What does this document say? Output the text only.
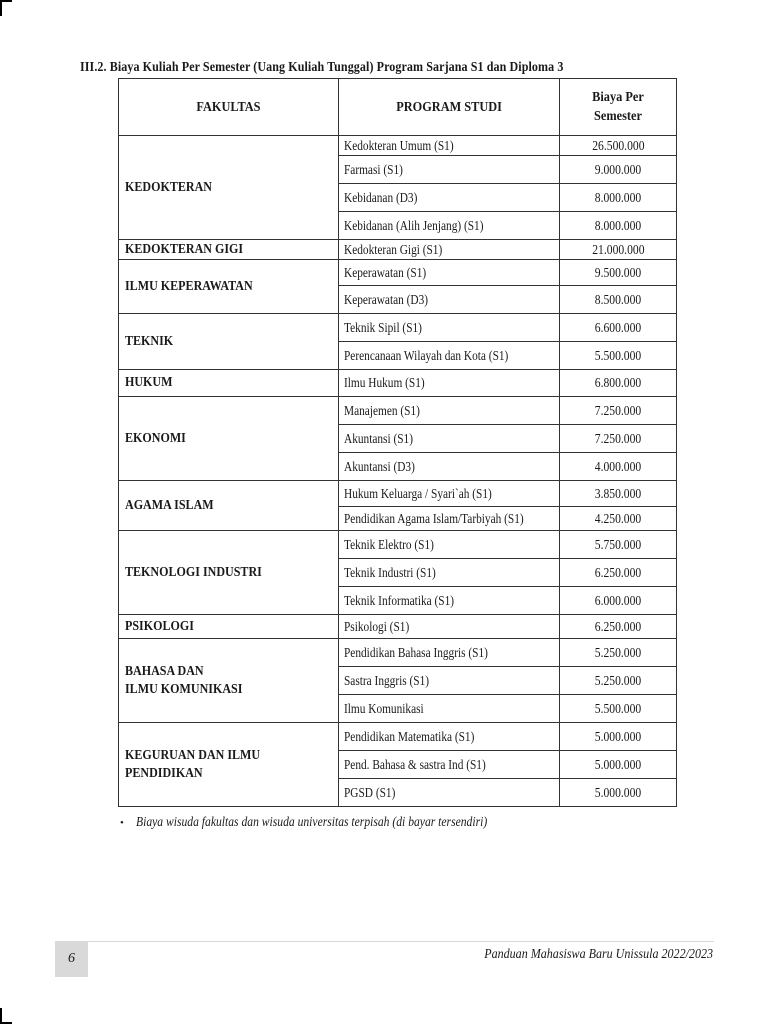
III.2. Biaya Kuliah Per Semester (Uang Kuliah Tunggal) Program Sarjana S1 dan Diploma 3
FAKULTAS	PROGRAM STUDI	Biaya Per Semester
KEDOKTERAN	Kedokteran Umum (S1)	26.500.000
	Farmasi (S1)	9.000.000
	Kebidanan (D3)	8.000.000
	Kebidanan (Alih Jenjang) (S1)	8.000.000
KEDOKTERAN GIGI	Kedokteran Gigi (S1)	21.000.000
ILMU KEPERAWATAN	Keperawatan (S1)	9.500.000
	Keperawatan (D3)	8.500.000
TEKNIK	Teknik Sipil (S1)	6.600.000
	Perencanaan Wilayah dan Kota (S1)	5.500.000
HUKUM	Ilmu Hukum (S1)	6.800.000
EKONOMI	Manajemen (S1)	7.250.000
	Akuntansi (S1)	7.250.000
	Akuntansi (D3)	4.000.000
AGAMA ISLAM	Hukum Keluarga / Syari`ah (S1)	3.850.000
	Pendidikan Agama Islam/Tarbiyah (S1)	4.250.000
TEKNOLOGI INDUSTRI	Teknik Elektro (S1)	5.750.000
	Teknik Industri (S1)	6.250.000
	Teknik Informatika (S1)	6.000.000
PSIKOLOGI	Psikologi (S1)	6.250.000
BAHASA DAN
ILMU KOMUNIKASI	Pendidikan Bahasa Inggris (S1)	5.250.000
	Sastra Inggris (S1)	5.250.000
	Ilmu Komunikasi	5.500.000
KEGURUAN DAN ILMU
PENDIDIKAN	Pendidikan Matematika (S1)	5.000.000
	Pend. Bahasa & sastra Ind (S1)	5.000.000
	PGSD (S1)	5.000.000
• Biaya wisuda fakultas dan wisuda universitas terpisah (di bayar tersendiri)
6	Panduan Mahasiswa Baru Unissula 2022/2023
